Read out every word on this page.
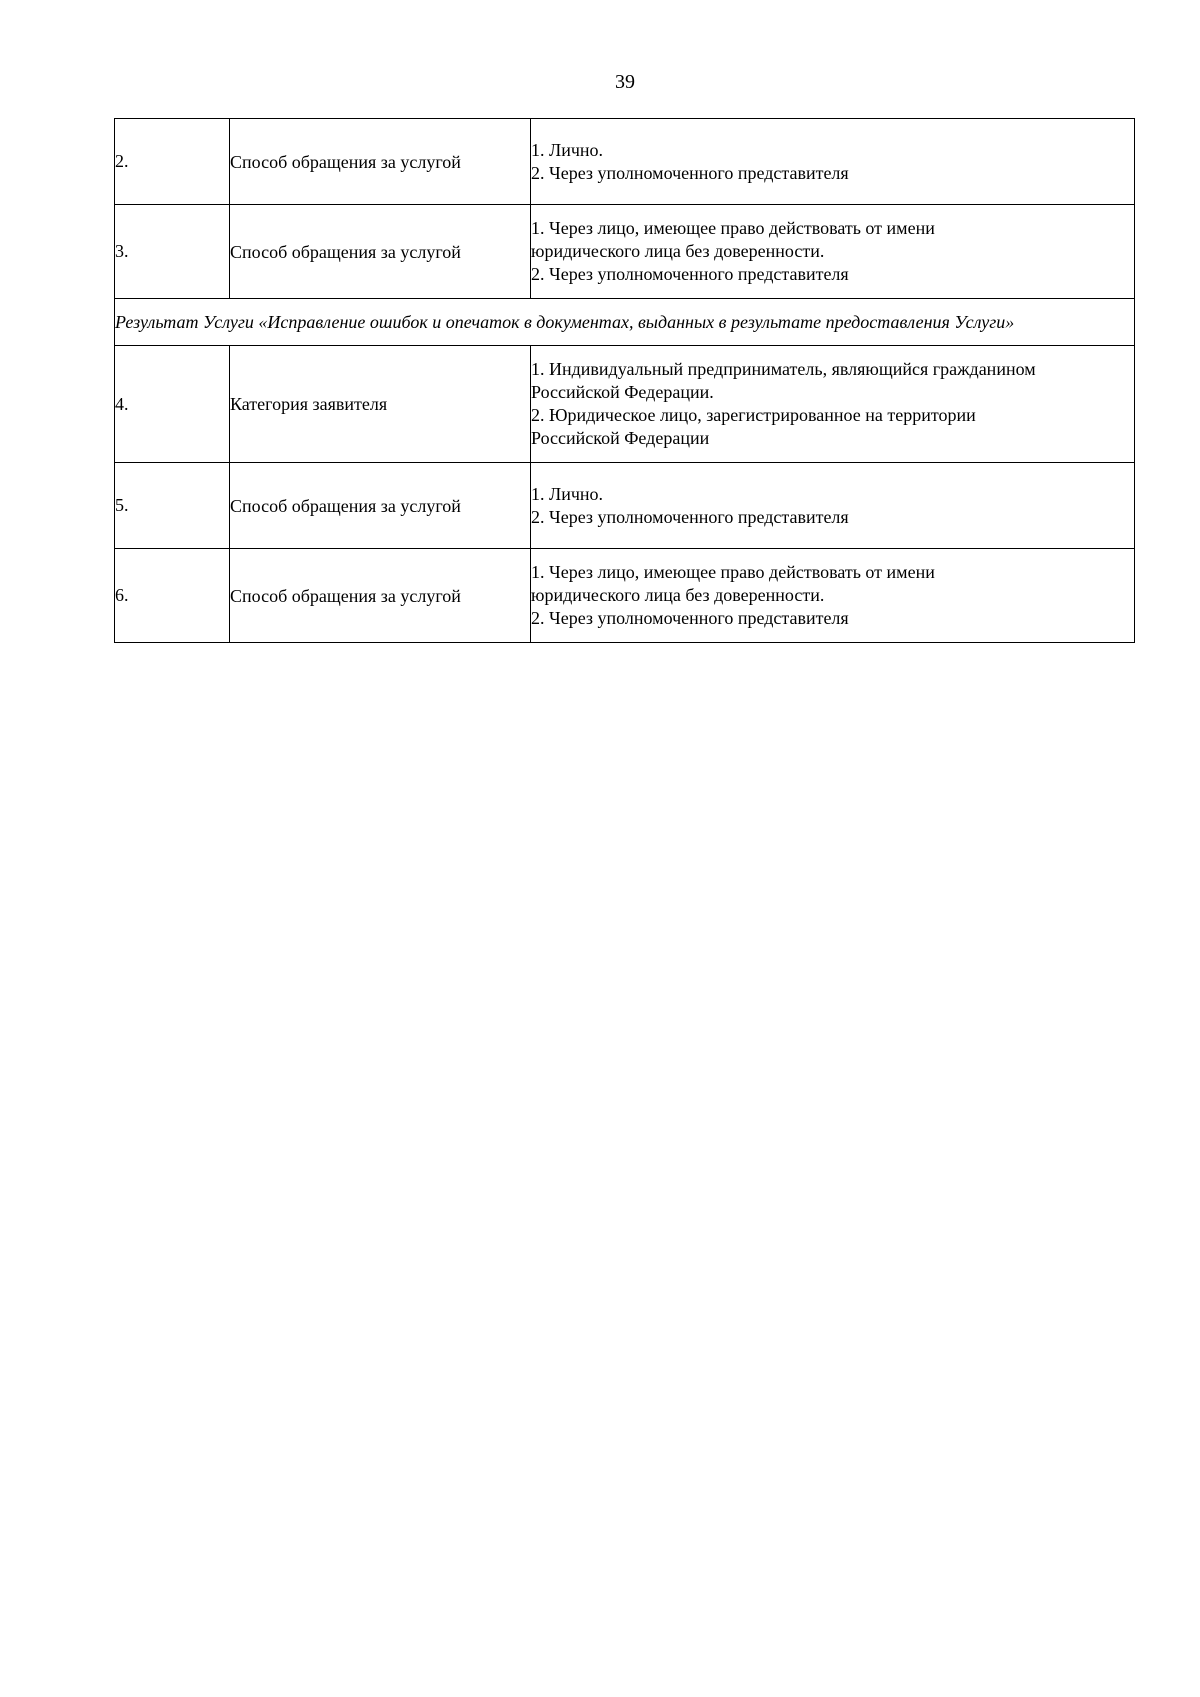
39
2.	Способ обращения за услугой	1. Лично.
2. Через уполномоченного представителя

3.	Способ обращения за услугой	1. Через лицо, имеющее право действовать от имени
юридического лица без доверенности.
2. Через уполномоченного представителя

Результат Услуги «Исправление ошибок и опечаток в документах, выданных в результате предоставления Услуги»		
4.	Категория заявителя	1. Индивидуальный предприниматель, являющийся гражданином
Российской Федерации.
2. Юридическое лицо, зарегистрированное на территории
Российской Федерации

5.	Способ обращения за услугой	1. Лично.
2. Через уполномоченного представителя

6.	Способ обращения за услугой	1. Через лицо, имеющее право действовать от имени
юридического лица без доверенности.
2. Через уполномоченного представителя
